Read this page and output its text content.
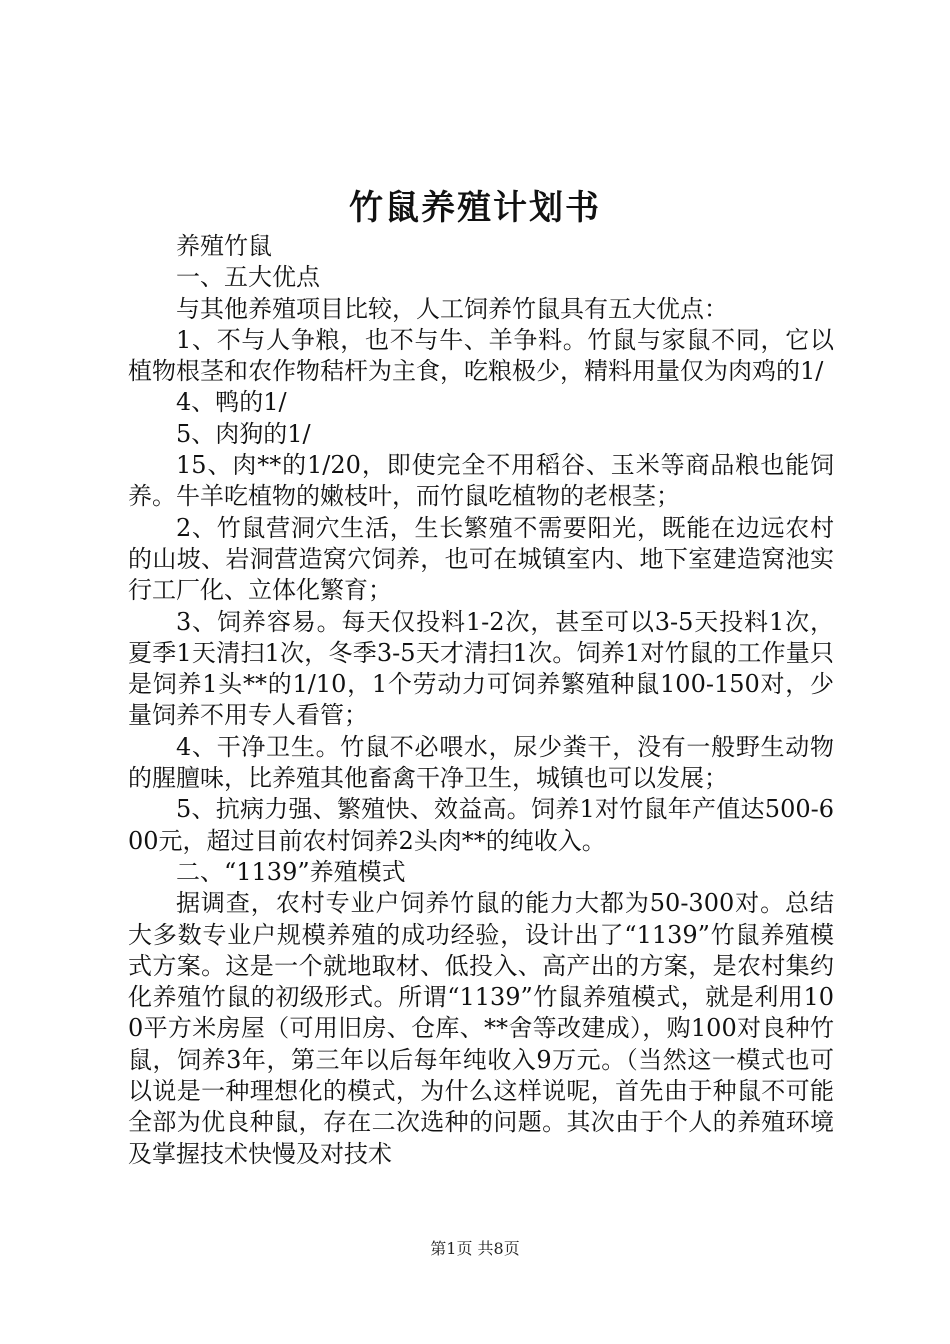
竹鼠养殖计划书

养殖竹鼠

一、五大优点

与其他养殖项目比较，人工饲养竹鼠具有五大优点：

1、不与人争粮，也不与牛、羊争料。竹鼠与家鼠不同，它以植物根茎和农作物秸杆为主食，吃粮极少，精料用量仅为肉鸡的1/

4、鸭的1/

5、肉狗的1/

15、肉**的1/20，即使完全不用稻谷、玉米等商品粮也能饲养。牛羊吃植物的嫩枝叶，而竹鼠吃植物的老根茎；

2、竹鼠营洞穴生活，生长繁殖不需要阳光，既能在边远农村的山坡、岩洞营造窝穴饲养，也可在城镇室内、地下室建造窝池实行工厂化、立体化繁育；

3、饲养容易。每天仅投料1-2次，甚至可以3-5天投料1次，夏季1天清扫1次，冬季3-5天才清扫1次。饲养1对竹鼠的工作量只是饲养1头**的1/10，1个劳动力可饲养繁殖种鼠100-150对，少量饲养不用专人看管；

4、干净卫生。竹鼠不必喂水，尿少粪干，没有一般野生动物的腥膻味，比养殖其他畜禽干净卫生，城镇也可以发展；

5、抗病力强、繁殖快、效益高。饲养1对竹鼠年产值达500-600元，超过目前农村饲养2头肉**的纯收入。

二、“1139”养殖模式

据调查，农村专业户饲养竹鼠的能力大都为50-300对。总结大多数专业户规模养殖的成功经验，设计出了“1139”竹鼠养殖模式方案。这是一个就地取材、低投入、高产出的方案，是农村集约化养殖竹鼠的初级形式。所谓“1139”竹鼠养殖模式，就是利用100平方米房屋（可用旧房、仓库、**舍等改建成），购100对良种竹鼠，饲养3年，第三年以后每年纯收入9万元。（当然这一模式也可以说是一种理想化的模式，为什么这样说呢，首先由于种鼠不可能全部为优良种鼠，存在二次选种的问题。其次由于个人的养殖环境及掌握技术快慢及对技术

第1页 共8页
